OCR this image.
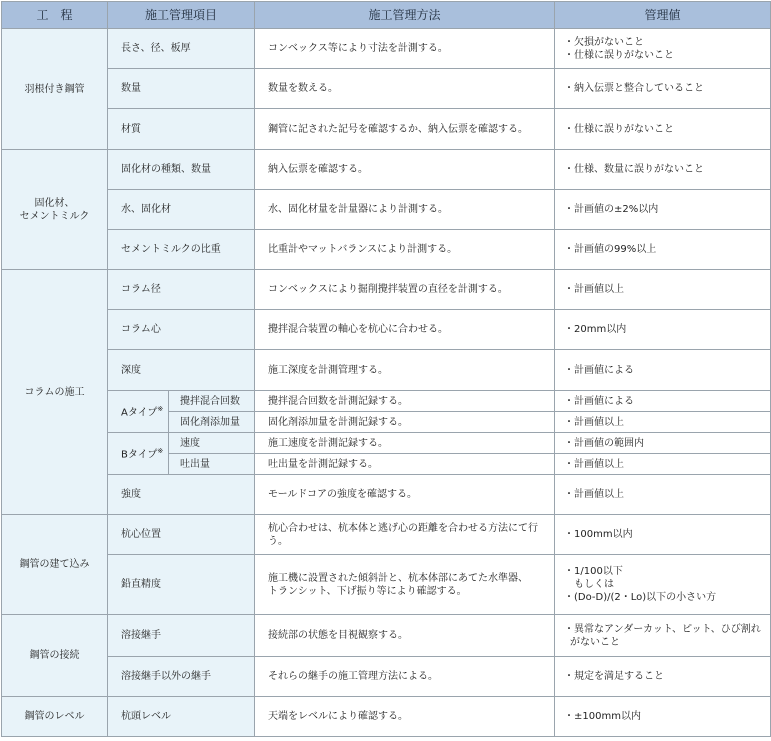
工　程	施工管理項目		施工管理方法	管理値
羽根付き鋼管	長さ、径、板厚		コンベックス等により寸法を計測する。	・欠損がないこと
・仕様に誤りがないこと

	数量		数量を数える。	・納入伝票と整合していること
	材質		鋼管に記された記号を確認するか、納入伝票を確認する。	・仕様に誤りがないこと

固化材、
セメントミルク	固化材の種類、数量		納入伝票を確認する。	・仕様、数量に誤りがないこと
	水、固化材		水、固化材量を計量器により計測する。	・計画値の±2%以内
	セメントミルクの比重		比重計やマットバランスにより計測する。	・計画値の99%以上
コラムの施工	コラム径		コンベックスにより掘削攪拌装置の直径を計測する。	・計画値以上
	コラム心		攪拌混合装置の軸心を杭心に合わせる。	・20mm以内
	深度		施工深度を計測管理する。	・計画値による
	Aタイプ※	攪拌混合回数	攪拌混合回数を計測記録する。	・計画値による
		固化剤添加量	固化剤添加量を計測記録する。	・計画値以上
	Bタイプ※	速度	施工速度を計測記録する。	・計画値の範囲内
		吐出量	吐出量を計測記録する。	・計画値以上
	強度		モールドコアの強度を確認する。	・計画値以上
鋼管の建て込み	杭心位置		杭心合わせは、杭本体と逃げ心の距離を合わせる方法にて行う。	・100mm以内
	鉛直精度		施工機に設置された傾斜計と、杭本体部にあてた水準器、
トランシット、下げ振り等により確認する。	・1/100以下
もしくは
・(Do-D)/(2・Lo)以下の小さい方

鋼管の接続	溶接継手		接続部の状態を目視観察する。	・異常なアンダーカット、ピット、ひび割れ
がないこと

	溶接継手以外の継手		それらの継手の施工管理方法による。	・規定を満足すること
鋼管のレベル	杭頭レベル		天端をレベルにより確認する。	・±100mm以内
